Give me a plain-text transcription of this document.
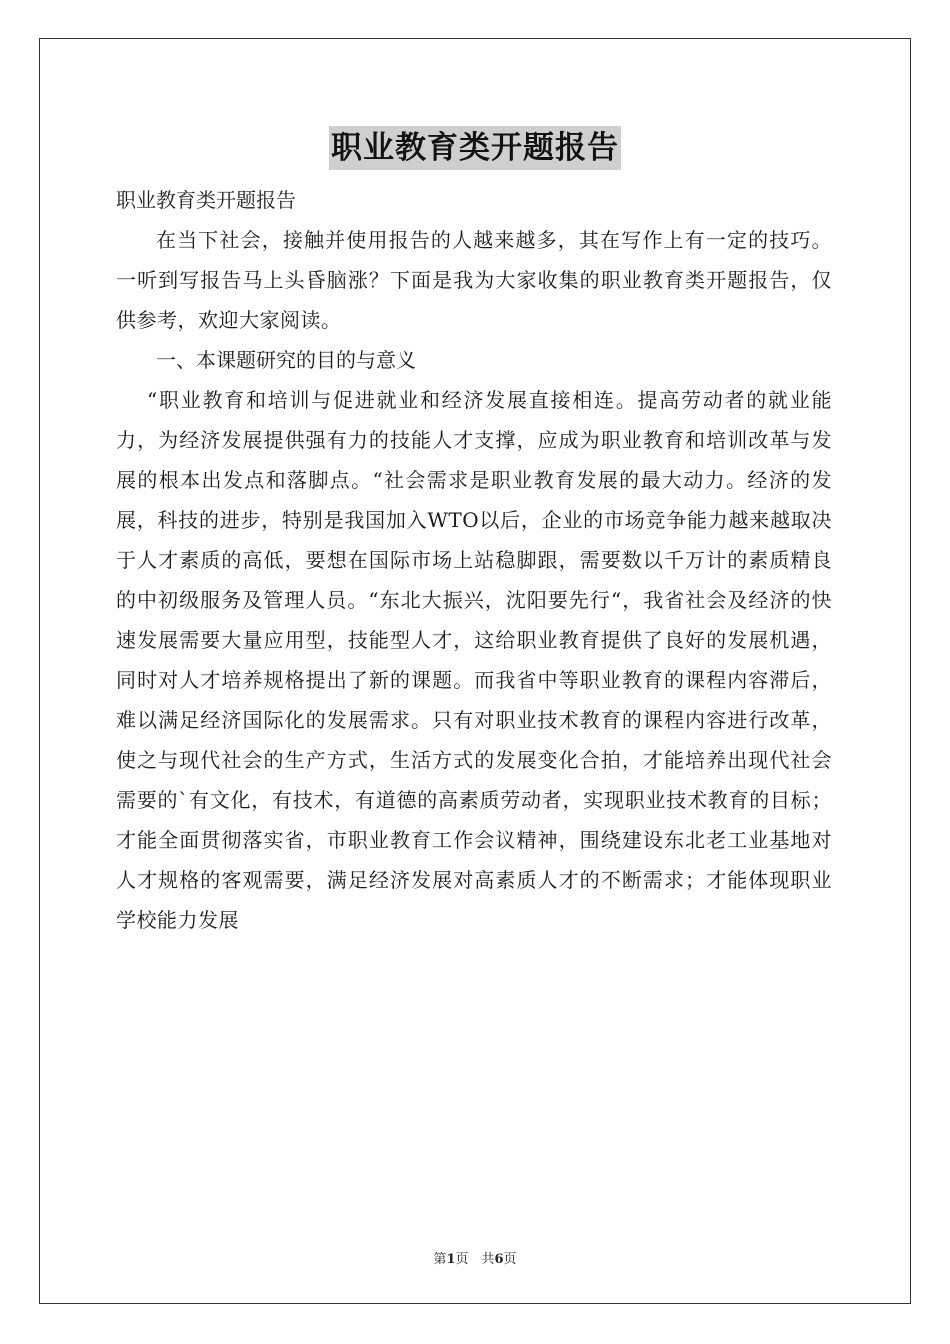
职业教育类开题报告

职业教育类开题报告

在当下社会，接触并使用报告的人越来越多，其在写作上有一定的技巧。一听到写报告马上头昏脑涨？下面是我为大家收集的职业教育类开题报告，仅供参考，欢迎大家阅读。

一、本课题研究的目的与意义

“职业教育和培训与促进就业和经济发展直接相连。提高劳动者的就业能力，为经济发展提供强有力的技能人才支撑，应成为职业教育和培训改革与发展的根本出发点和落脚点。“社会需求是职业教育发展的最大动力。经济的发展，科技的进步，特别是我国加入WTO以后，企业的市场竞争能力越来越取决于人才素质的高低，要想在国际市场上站稳脚跟，需要数以千万计的素质精良的中初级服务及管理人员。“东北大振兴，沈阳要先行“，我省社会及经济的快速发展需要大量应用型，技能型人才，这给职业教育提供了良好的发展机遇，同时对人才培养规格提出了新的课题。而我省中等职业教育的课程内容滞后，难以满足经济国际化的发展需求。只有对职业技术教育的课程内容进行改革，使之与现代社会的生产方式，生活方式的发展变化合拍，才能培养出现代社会需要的`有文化，有技术，有道德的高素质劳动者，实现职业技术教育的目标；才能全面贯彻落实省，市职业教育工作会议精神，围绕建设东北老工业基地对人才规格的客观需要，满足经济发展对高素质人才的不断需求；才能体现职业学校能力发展

第1页　共6页
